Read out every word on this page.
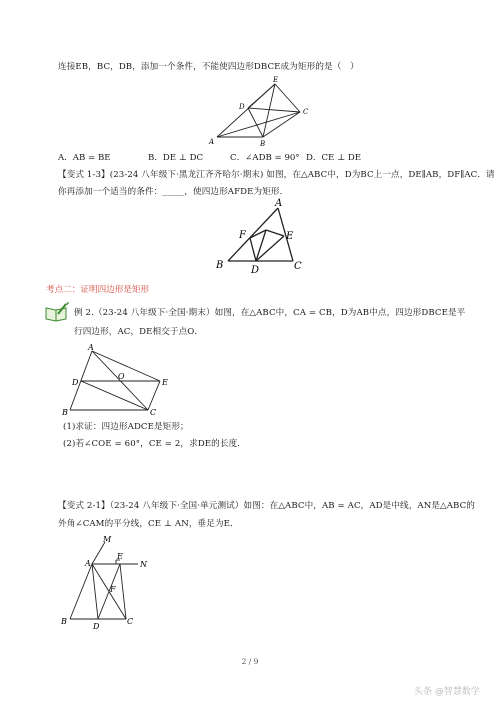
连接EB，BC，DB，添加一个条件，不能使四边形DBCE成为矩形的是（　）
E
D
C
A	B
A．AB = BE	B．DE ⊥ DC	C．∠ADB = 90° D．CE ⊥ DE
【变式 1-3】(23-24 八年级下·黑龙江齐齐哈尔·期末) 如图，在△ABC中，D为BC上一点，DE∥AB，DF∥AC．请
你再添加一个适当的条件：_____，使四边形AFDE为矩形．
A
F	E
B	D	C
考点二：证明四边形是矩形
例 2.（23-24 八年级下·全国·期末）如图，在△ABC中，CA = CB，D为AB中点，四边形DBCE是平
行四边形，AC，DE相交于点O．
A
D
O
E
B	C
(1)求证：四边形ADCE是矩形；
(2)若∠COE = 60°，CE = 2，求DE的长度．
【变式 2-1】（23-24 八年级下·全国·单元测试）如图：在△ABC中，AB = AC，AD是中线，AN是△ABC的
外角∠CAM的平分线，CE ⊥ AN，垂足为E．
M
A
E
N
F
B
D
C
2 / 9
头条 @智慧数学
